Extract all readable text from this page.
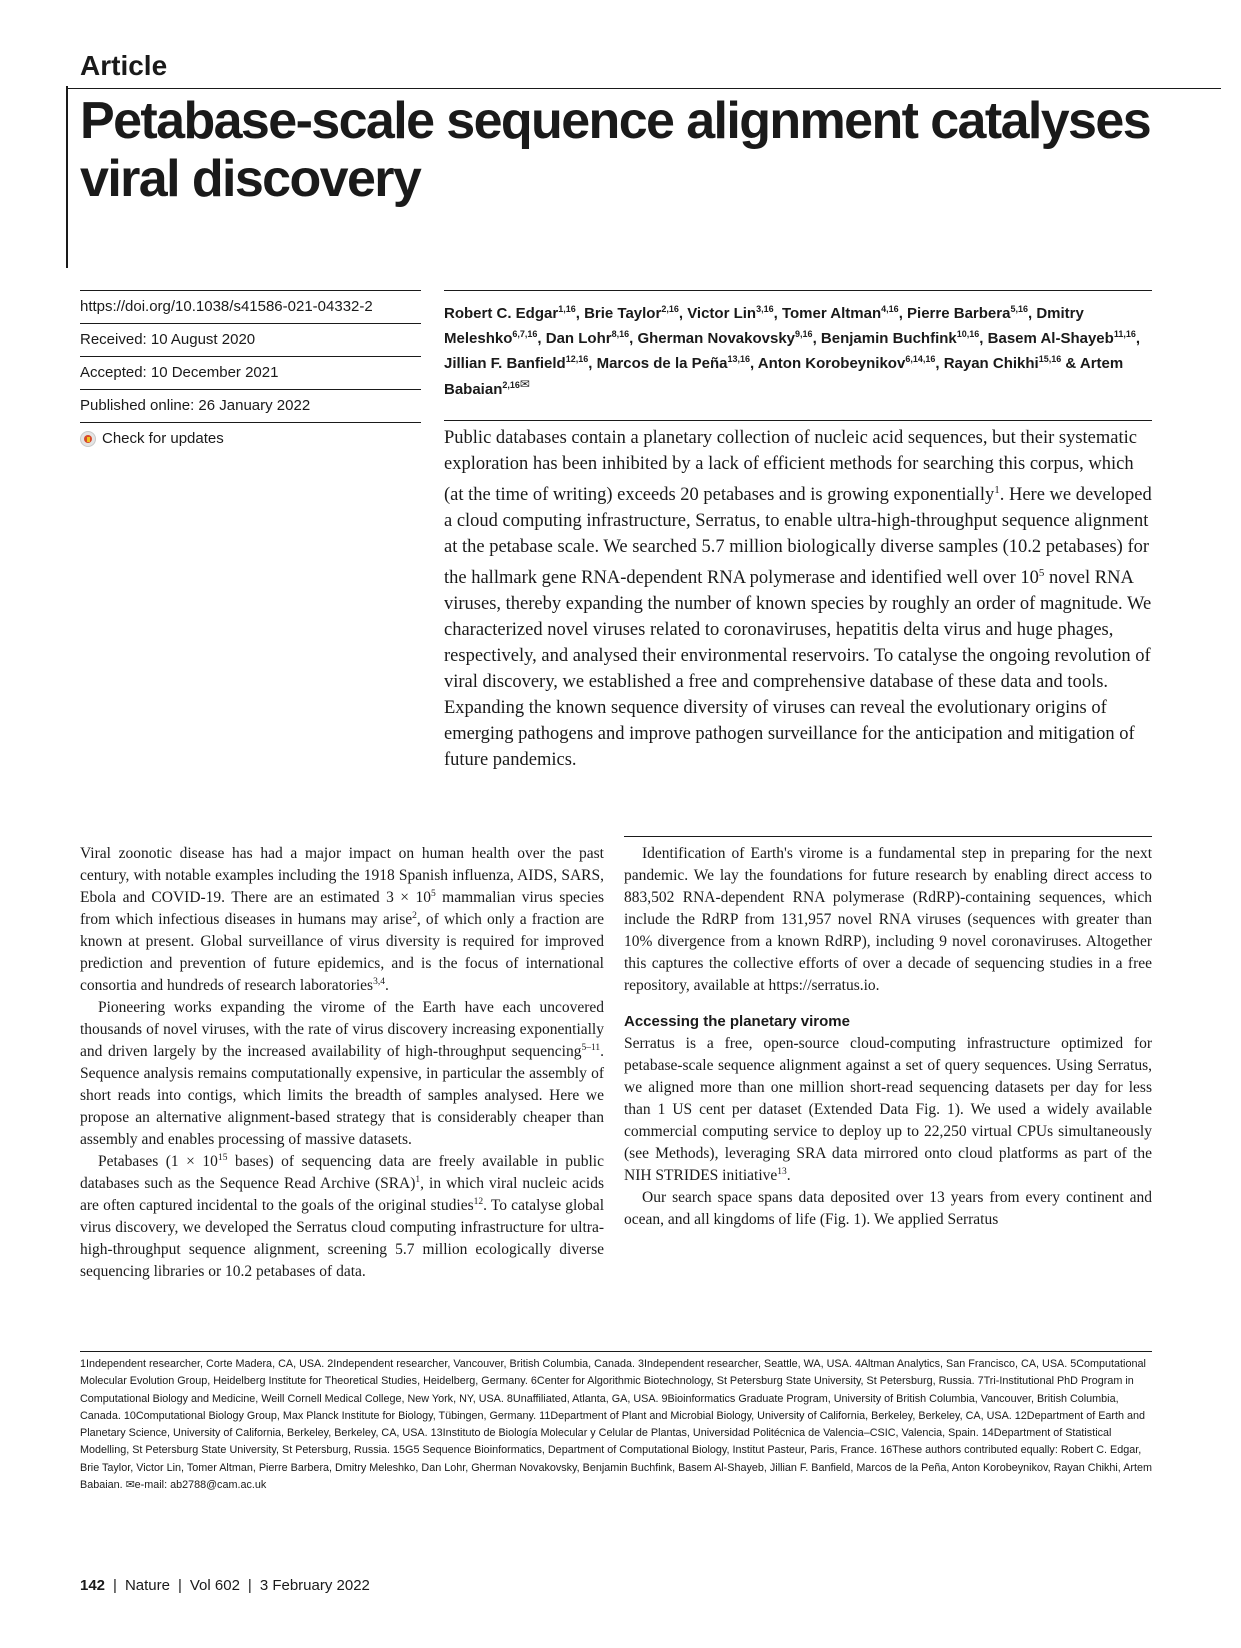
Article
Petabase-scale sequence alignment catalyses viral discovery
https://doi.org/10.1038/s41586-021-04332-2
Received: 10 August 2020
Accepted: 10 December 2021
Published online: 26 January 2022
Check for updates

Robert C. Edgar$^{1,16}$, Brie Taylor$^{2,16}$, Victor Lin$^{3,16}$, Tomer Altman$^{4,16}$, Pierre Barbera$^{5,16}$, Dmitry Meleshko$^{6,7,16}$, Dan Lohr$^{8,16}$, Gherman Novakovsky$^{9,16}$, Benjamin Buchfink$^{10,16}$, Basem Al-Shayeb$^{11,16}$, Jillian F. Banfield$^{12,16}$, Marcos de la Peña$^{13,16}$, Anton Korobeynikov$^{6,14,16}$, Rayan Chikhi$^{15,16}$ & Artem Babaian$^{2,16✉}$

Public databases contain a planetary collection of nucleic acid sequences, but their systematic exploration has been inhibited by a lack of efficient methods for searching this corpus, which (at the time of writing) exceeds 20 petabases and is growing exponentially$^1$. Here we developed a cloud computing infrastructure, Serratus, to enable ultra-high-throughput sequence alignment at the petabase scale. We searched 5.7 million biologically diverse samples (10.2 petabases) for the hallmark gene RNA-dependent RNA polymerase and identified well over $10^5$ novel RNA viruses, thereby expanding the number of known species by roughly an order of magnitude. We characterized novel viruses related to coronaviruses, hepatitis delta virus and huge phages, respectively, and analysed their environmental reservoirs. To catalyse the ongoing revolution of viral discovery, we established a free and comprehensive database of these data and tools. Expanding the known sequence diversity of viruses can reveal the evolutionary origins of emerging pathogens and improve pathogen surveillance for the anticipation and mitigation of future pandemics.

Viral zoonotic disease has had a major impact on human health over the past century, with notable examples including the 1918 Spanish influenza, AIDS, SARS, Ebola and COVID-19. There are an estimated $3 \times 10^5$ mammalian virus species from which infectious diseases in humans may arise$^2$, of which only a fraction are known at present. Global surveillance of virus diversity is required for improved prediction and prevention of future epidemics, and is the focus of international consortia and hundreds of research laboratories$^{3,4}$.

Pioneering works expanding the virome of the Earth have each uncovered thousands of novel viruses, with the rate of virus discovery increasing exponentially and driven largely by the increased availability of high-throughput sequencing$^{5-11}$. Sequence analysis remains computationally expensive, in particular the assembly of short reads into contigs, which limits the breadth of samples analysed. Here we propose an alternative alignment-based strategy that is considerably cheaper than assembly and enables processing of massive datasets.

Petabases ($1 \times 10^{15}$ bases) of sequencing data are freely available in public databases such as the Sequence Read Archive (SRA)$^1$, in which viral nucleic acids are often captured incidental to the goals of the original studies$^{12}$. To catalyse global virus discovery, we developed the Serratus cloud computing infrastructure for ultra-high-throughput sequence alignment, screening 5.7 million ecologically diverse sequencing libraries or 10.2 petabases of data.

Identification of Earth's virome is a fundamental step in preparing for the next pandemic. We lay the foundations for future research by enabling direct access to 883,502 RNA-dependent RNA polymerase (RdRP)-containing sequences, which include the RdRP from 131,957 novel RNA viruses (sequences with greater than 10% divergence from a known RdRP), including 9 novel coronaviruses. Altogether this captures the collective efforts of over a decade of sequencing studies in a free repository, available at https://serratus.io.

Accessing the planetary virome

Serratus is a free, open-source cloud-computing infrastructure optimized for petabase-scale sequence alignment against a set of query sequences. Using Serratus, we aligned more than one million short-read sequencing datasets per day for less than 1 US cent per dataset (Extended Data Fig. 1). We used a widely available commercial computing service to deploy up to 22,250 virtual CPUs simultaneously (see Methods), leveraging SRA data mirrored onto cloud platforms as part of the NIH STRIDES initiative$^{13}$.

Our search space spans data deposited over 13 years from every continent and ocean, and all kingdoms of life (Fig. 1). We applied Serratus

1Independent researcher, Corte Madera, CA, USA. 2Independent researcher, Vancouver, British Columbia, Canada. 3Independent researcher, Seattle, WA, USA. 4Altman Analytics, San Francisco, CA, USA. 5Computational Molecular Evolution Group, Heidelberg Institute for Theoretical Studies, Heidelberg, Germany. 6Center for Algorithmic Biotechnology, St Petersburg State University, St Petersburg, Russia. 7Tri-Institutional PhD Program in Computational Biology and Medicine, Weill Cornell Medical College, New York, NY, USA. 8Unaffiliated, Atlanta, GA, USA. 9Bioinformatics Graduate Program, University of British Columbia, Vancouver, British Columbia, Canada. 10Computational Biology Group, Max Planck Institute for Biology, Tübingen, Germany. 11Department of Plant and Microbial Biology, University of California, Berkeley, Berkeley, CA, USA. 12Department of Earth and Planetary Science, University of California, Berkeley, Berkeley, CA, USA. 13Instituto de Biología Molecular y Celular de Plantas, Universidad Politécnica de Valencia–CSIC, Valencia, Spain. 14Department of Statistical Modelling, St Petersburg State University, St Petersburg, Russia. 15G5 Sequence Bioinformatics, Department of Computational Biology, Institut Pasteur, Paris, France. 16These authors contributed equally: Robert C. Edgar, Brie Taylor, Victor Lin, Tomer Altman, Pierre Barbera, Dmitry Meleshko, Dan Lohr, Gherman Novakovsky, Benjamin Buchfink, Basem Al-Shayeb, Jillian F. Banfield, Marcos de la Peña, Anton Korobeynikov, Rayan Chikhi, Artem Babaian. ✉e-mail: ab2788@cam.ac.uk

142 | Nature | Vol 602 | 3 February 2022
